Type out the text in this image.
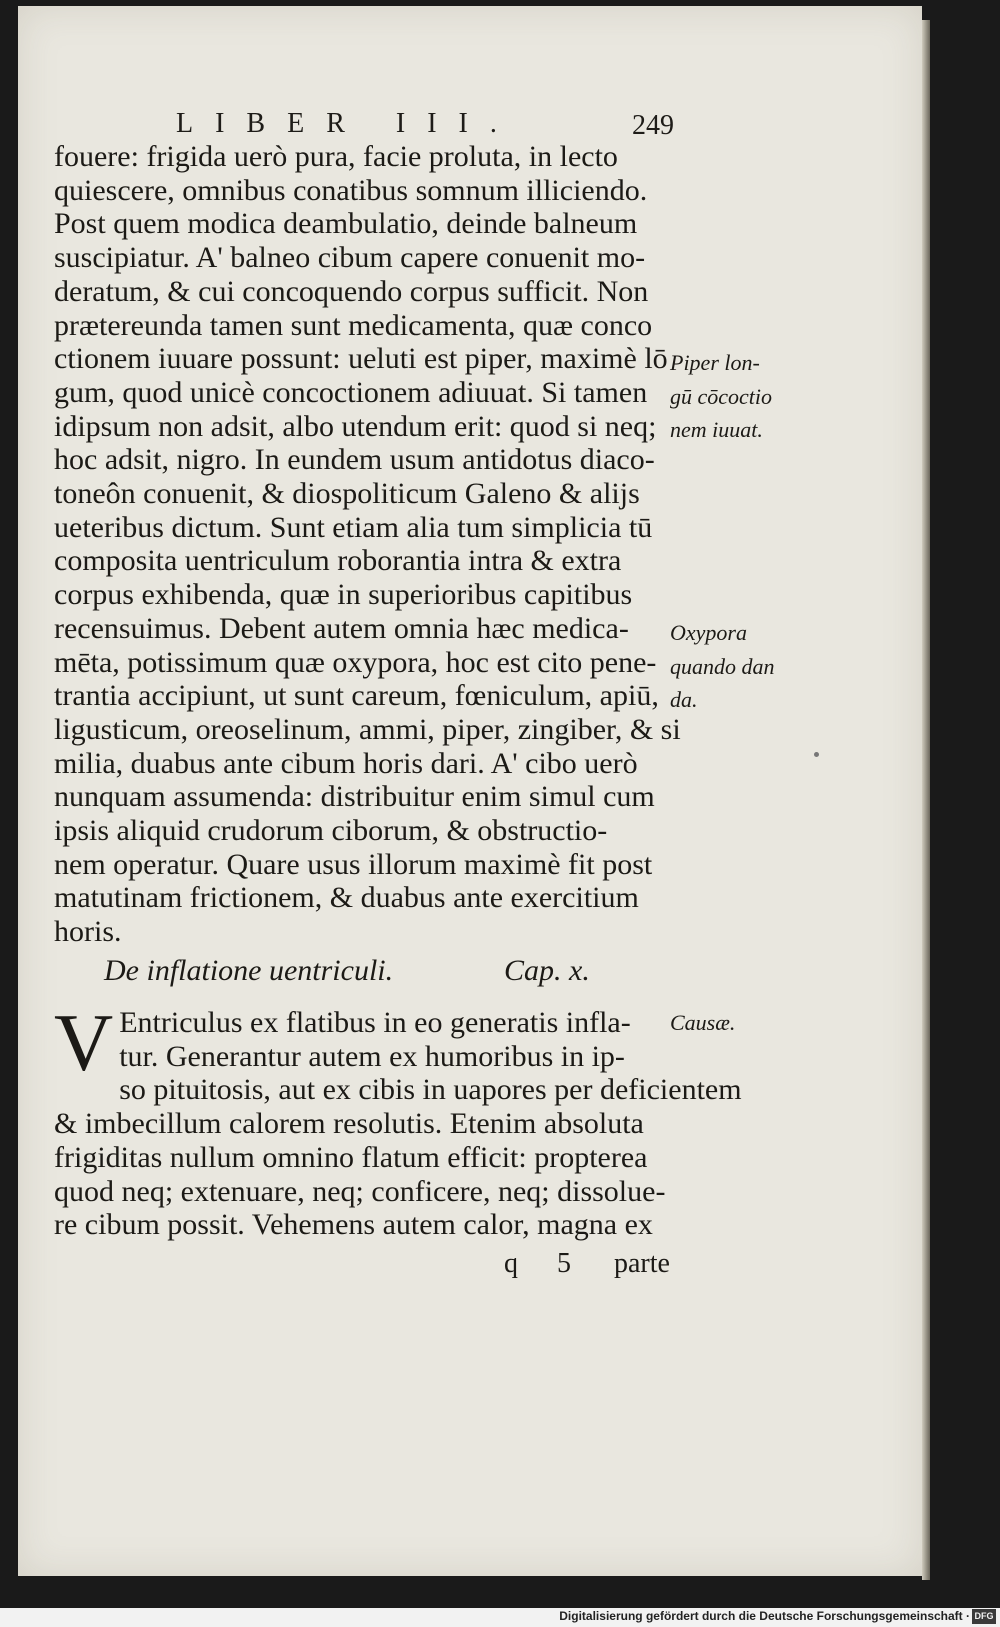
LIBER III.	249
fouere: frigida uerò pura, facie proluta, in lecto
quiescere, omnibus conatibus somnum illiciendo.
Post quem modica deambulatio, deinde balneum
suscipiatur. A' balneo cibum capere conuenit mo-
deratum, & cui concoquendo corpus sufficit. Non
prætereunda tamen sunt medicamenta, quæ conco
ctionem iuuare possunt: ueluti est piper, maximè lō
gum, quod unicè concoctionem adiuuat. Si tamen
idipsum non adsit, albo utendum erit: quod si neq;
hoc adsit, nigro. In eundem usum antidotus diaco-
toneôn conuenit, & diospoliticum Galeno & alijs
ueteribus dictum. Sunt etiam alia tum simplicia tū
composita uentriculum roborantia intra & extra
corpus exhibenda, quæ in superioribus capitibus
recensuimus. Debent autem omnia hæc medica-
mēta, potissimum quæ oxypora, hoc est cito pene-
trantia accipiunt, ut sunt careum, fœniculum, apiū,
ligusticum, oreoselinum, ammi, piper, zingiber, & si
milia, duabus ante cibum horis dari. A' cibo uerò
nunquam assumenda: distribuitur enim simul cum
ipsis aliquid crudorum ciborum, & obstructio-
nem operatur. Quare usus illorum maximè fit post
matutinam frictionem, & duabus ante exercitium
horis.
Piper lon-
gū cōcoctio
nem iuuat.
Oxypora
quando dan
da.
Causæ.
De inflatione uentriculi.	Cap. x.
V Entriculus ex flatibus in eo generatis infla-
tur. Generantur autem ex humoribus in ip-
so pituitosis, aut ex cibis in uapores per deficientem
& imbecillum calorem resolutis. Etenim absoluta
frigiditas nullum omnino flatum efficit: propterea
quod neq; extenuare, neq; conficere, neq; dissolue-
re cibum possit. Vehemens autem calor, magna ex
q 5 parte
Digitalisierung gefördert durch die Deutsche Forschungsgemeinschaft · DFG
